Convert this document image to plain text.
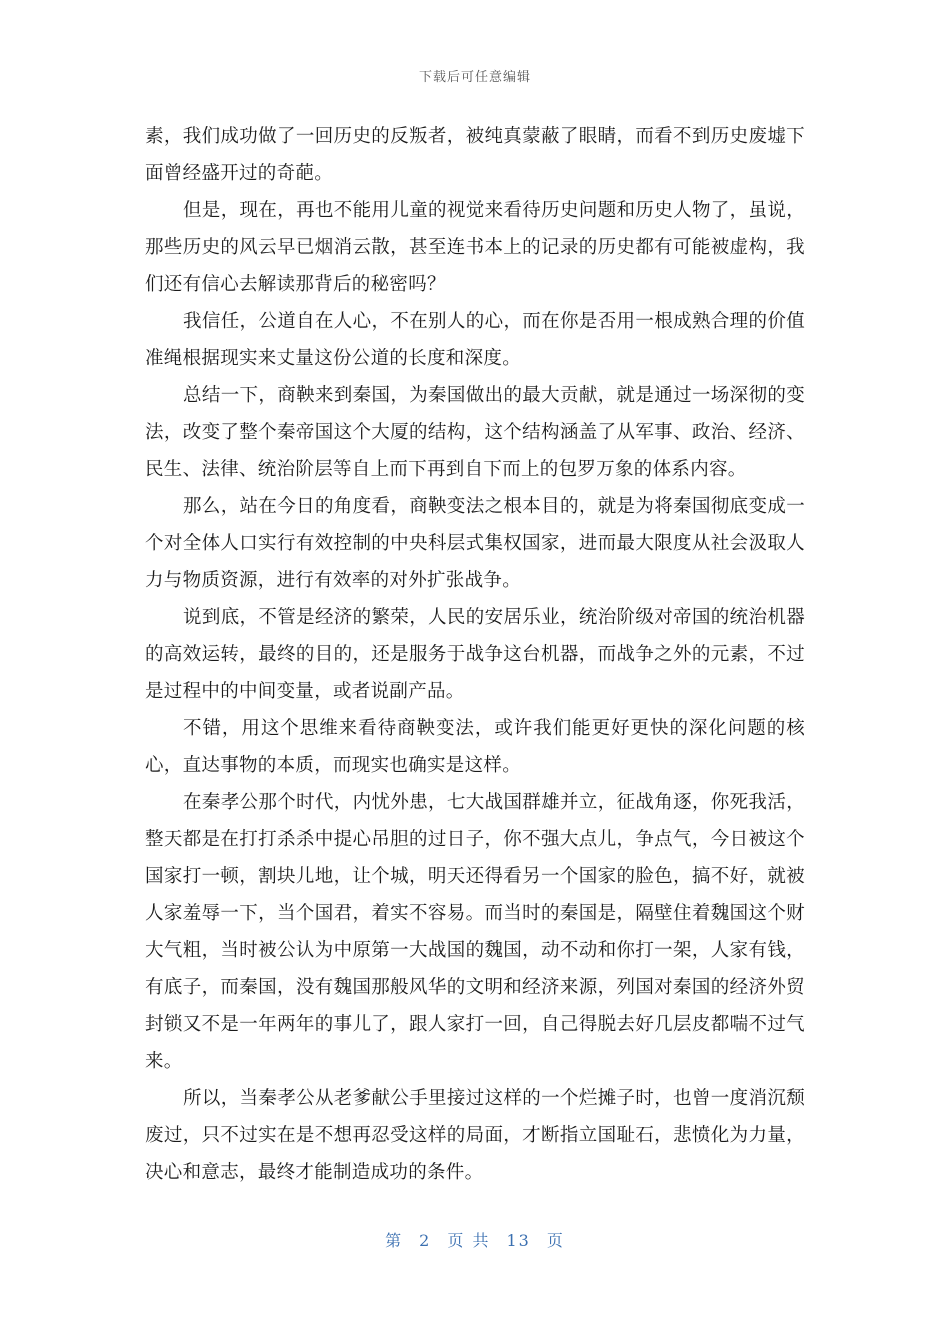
下载后可任意编辑

素，我们成功做了一回历史的反叛者，被纯真蒙蔽了眼睛，而看不到历史废墟下面曾经盛开过的奇葩。

但是，现在，再也不能用儿童的视觉来看待历史问题和历史人物了，虽说，那些历史的风云早已烟消云散，甚至连书本上的记录的历史都有可能被虚构，我们还有信心去解读那背后的秘密吗？

我信任，公道自在人心，不在别人的心，而在你是否用一根成熟合理的价值准绳根据现实来丈量这份公道的长度和深度。

总结一下，商鞅来到秦国，为秦国做出的最大贡献，就是通过一场深彻的变法，改变了整个秦帝国这个大厦的结构，这个结构涵盖了从军事、政治、经济、民生、法律、统治阶层等自上而下再到自下而上的包罗万象的体系内容。

那么，站在今日的角度看，商鞅变法之根本目的，就是为将秦国彻底变成一个对全体人口实行有效控制的中央科层式集权国家，进而最大限度从社会汲取人力与物质资源，进行有效率的对外扩张战争。

说到底，不管是经济的繁荣，人民的安居乐业，统治阶级对帝国的统治机器的高效运转，最终的目的，还是服务于战争这台机器，而战争之外的元素，不过是过程中的中间变量，或者说副产品。

不错，用这个思维来看待商鞅变法，或许我们能更好更快的深化问题的核心，直达事物的本质，而现实也确实是这样。

在秦孝公那个时代，内忧外患，七大战国群雄并立，征战角逐，你死我活，整天都是在打打杀杀中提心吊胆的过日子，你不强大点儿，争点气，今日被这个国家打一顿，割块儿地，让个城，明天还得看另一个国家的脸色，搞不好，就被人家羞辱一下，当个国君，着实不容易。而当时的秦国是，隔壁住着魏国这个财大气粗，当时被公认为中原第一大战国的魏国，动不动和你打一架，人家有钱，有底子，而秦国，没有魏国那般风华的文明和经济来源，列国对秦国的经济外贸封锁又不是一年两年的事儿了，跟人家打一回，自己得脱去好几层皮都喘不过气来。

所以，当秦孝公从老爹献公手里接过这样的一个烂摊子时，也曾一度消沉颓废过，只不过实在是不想再忍受这样的局面，才断指立国耻石，悲愤化为力量，决心和意志，最终才能制造成功的条件。

第 2 页 共 13 页
